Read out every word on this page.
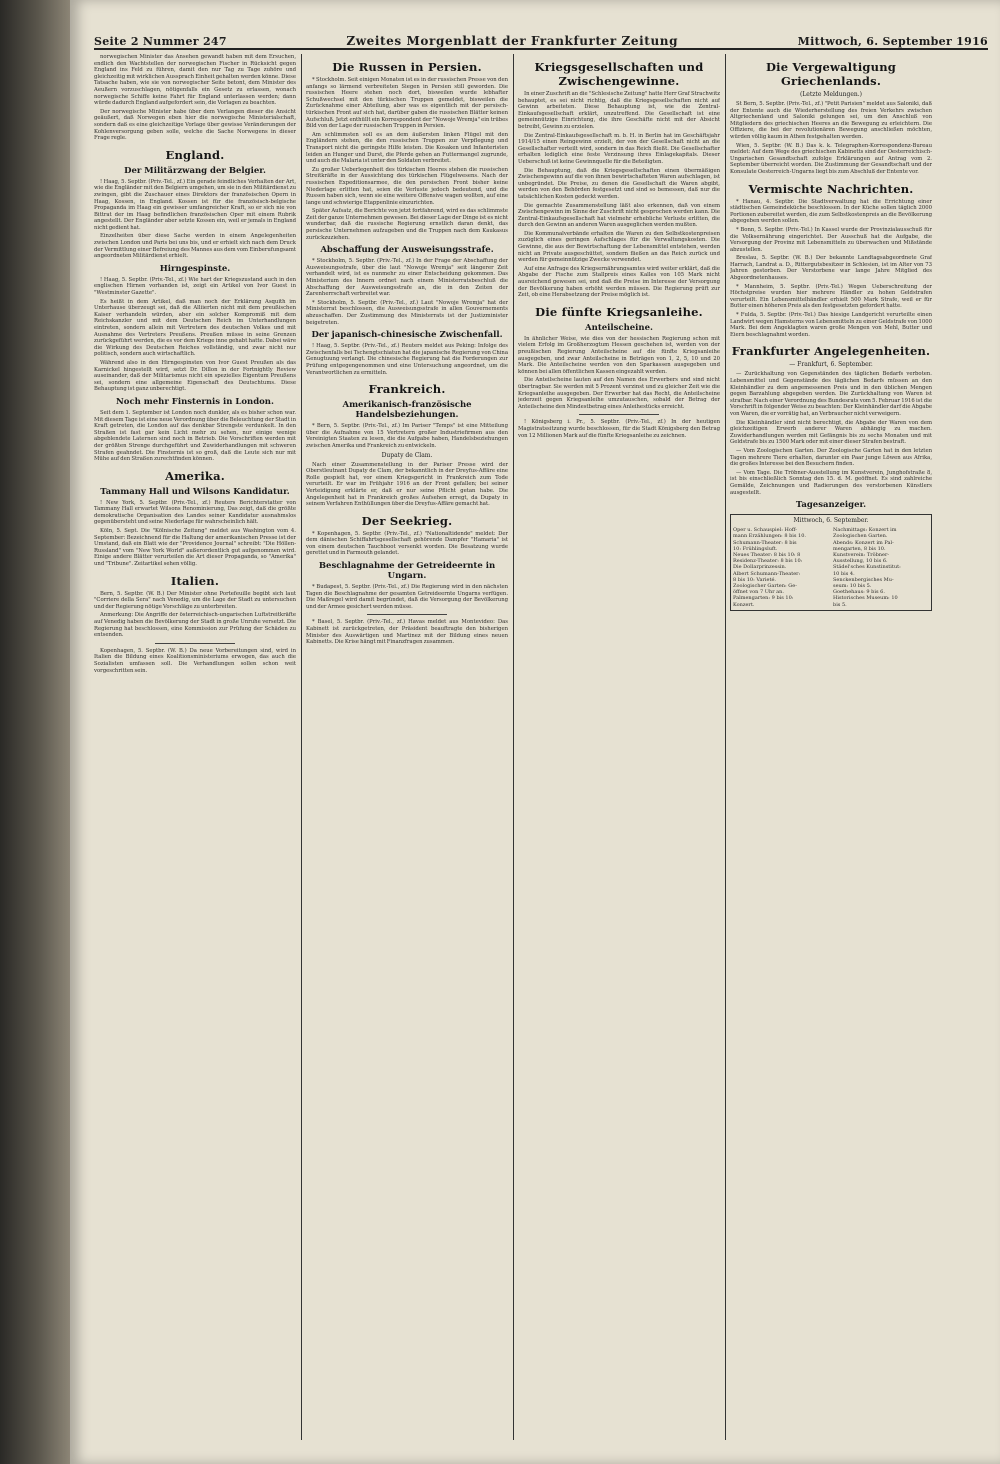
Seite 2 Nummer 247	Zweites Morgenblatt der Frankfurter Zeitung	Mittwoch, 6. September 1916

norwegischen Minister das Ansehen gewandt haben mit dem Ersuchen, endlich den Wachtstellen der norwegischen Fischer in Rücksicht gegen England ins Feld zu führen, damit den nur Tag zu Tage zuhöre und gleichzeitig mit wirklichen Aussprach Einheit gehalten werden könne. Diese Tatsache haben, wie sie von norwegischer Seite betont, dem Minister des Aeußern vorzuschlagen, nötigenfalls ein Gesetz zu erlassen, wonach norwegische Schiffe keine Fahrt für England unterlassen werden; dann würde dadurch England aufgefordert sein, die Vorlagen zu beachten.

Der norwegische Minister habe über dem Verlangen dieser die Ansicht geäußert, daß Norwegen eben hier die norwegische Ministerialschaft, sondern daß es eine gleichzeitige Vorlage über gewisse Veränderungen der Kohlenversorgung geben solle, welche die Sache Norwegens in dieser Frage regle.

England.
Der Militärzwang der Belgier.

! Haag, 5. Septbr. (Priv.-Tel., zf.) Ein gerade feindliches Verhalten der Art, wie die Engländer mit den Belgiern umgehen, um sie in den Militärdienst zu zwingen, gibt die Zuschauer eines Direktors der französischen Opern in Haag, Kossen, in England. Kossen ist für die französisch-belgische Propaganda im Haag ein gewisser umfangreicher Kraft, so er sich nie von Bittrat der im Haag befindlichen französischen Oper mit einem Rubrik angestellt. Der Engländer aber setzte Kossen ein, weil er jemals in England nicht gedient hat.

Einzelheiten über diese Sache werden in einem Angelegenheiten zwischen London und Paris bei uns bis, und er erhielt sich nach dem Druck der Vermittlung einer Befreiung des Mannes aus dem vom Einberufungsamt angeordneten Militärdienst erhielt.

Hirngespinste.

! Haag, 5. Septbr. (Priv.-Tel., zf.) Wie hart der Kriegszustand auch in den englischen Hirnen vorhanden ist, zeigt ein Artikel von Ivor Guest in "Westminster Gazette".

Es heißt in dem Artikel, daß man noch der Erklärung Asquith im Unterhause überzeugt sei, daß die Alliierten nicht mit dem preußischen Kaiser verhandeln würden, aber ein solcher Kompromiß mit dem Reichskanzler und mit dem Deutschen Reich im Unterhandlungen eintreten, sondern allein mit Vertretern des deutschen Volkes und mit Ausnahme des Vertreters Preußens. Preußen müsse in seine Grenzen zurückgeführt werden, die es vor dem Kriege inne gehabt hatte. Dabei wäre die Wirkung des Deutschen Reiches vollständig, und zwar nicht nur politisch, sondern auch wirtschaftlich.

Während also in den Hirngespinsten von Ivor Guest Preußen als das Karnickel hingestellt wird, setzt Dr. Dillon in der Fortnightly Review auseinander, daß der Militarismus nicht ein spezielles Eigentum Preußens sei, sondern eine allgemeine Eigenschaft des Deutschtums. Diese Behauptung ist ganz unberechtigt.

Noch mehr Finsternis in London.

Seit dem 1. September ist London noch dunkler, als es bisher schon war. Mit diesem Tage ist eine neue Verordnung über die Beleuchtung der Stadt in Kraft getreten, die London auf das denkbar Strengste verdunkelt. In den Straßen ist fast gar kein Licht mehr zu sehen, nur einige wenige abgeblendete Laternen sind noch in Betrieb. Die Vorschriften werden mit der größten Strenge durchgeführt und Zuwiderhandlungen mit schweren Strafen geahndet. Die Finsternis ist so groß, daß die Leute sich nur mit Mühe auf den Straßen zurechtfinden können.

Amerika.
Tammany Hall und Wilsons Kandidatur.

! New York, 5. Septbr. (Priv.-Tel., zf.) Reuters Berichterstatter von Tammany Hall erwartet Wilsons Renominierung, Das zeigt, daß die größte demokratische Organisation des Landes seiner Kandidatur ausnahmslos gegenübersteht und seine Niederlage für wahrscheinlich hält.

Köln, 5. Sept. Die "Kölnische Zeitung" meldet aus Washington vom 4. September: Bezeichnend für die Haltung der amerikanischen Presse ist der Umstand, daß ein Blatt wie der "Providence Journal" schreibt: "Die Höllen-Russland" vom "New York World" außerordentlich gut aufgenommen wird. Einige andere Blätter verurteilen die Art dieser Propaganda, so "Amerika" und "Tribune". Zeitartikel sehen völlig.

Italien.

Bern, 5. Septbr. (W. B.) Der Minister ohne Portefeuille begibt sich laut "Corriere della Sera" nach Venedig, um die Lage der Stadt zu untersuchen und der Regierung nötige Vorschläge zu unterbreiten.

Anmerkung: Die Angriffe der österreichisch-ungarischen Luftstreitkräfte auf Venedig haben die Bevölkerung der Stadt in große Unruhe versetzt. Die Regierung hat beschlossen, eine Kommission zur Prüfung der Schäden zu entsenden.

Kopenhagen, 5. Septbr. (W. B.) Da neue Vorbereitungen sind, wird in Italien die Bildung eines Koalitionsministeriums erwogen, das auch die Sozialisten umfassen soll. Die Verhandlungen sollen schon weit vorgeschritten sein.

Die Russen in Persien.

* Stockholm. Seit einigen Monaten ist es in der russischen Presse von den anfangs so lärmend verbreiteten Siegen in Persien still geworden. Die russischen Heere stehen noch dort, bisweilen wurde lebhafter Schußwechsel mit den türkischen Truppen gemeldet, bisweilen die Zurücknahme einer Abteilung, aber was es eigentlich mit der persisch-türkischen Front auf sich hat, darüber gaben die russischen Blätter keinen Aufschluß. Jetzt enthüllt ein Korrespondent der "Nowoje Wremja" ein trübes Bild von der Lage der russischen Truppen in Persien.

Am schlimmsten soll es an dem äußersten linken Flügel mit den Engländern stehen, die den russischen Truppen zur Verpflegung und Transport nicht die geringste Hilfe leisten. Die Kosaken und Infanteristen leiden an Hunger und Durst, die Pferde gehen an Futtermangel zugrunde, und auch die Malaria ist unter den Soldaten verbreitet.

Zu großer Ueberlegenheit des türkischen Heeres stehen die russischen Streitkräfte in der Aussichtung des türkischen Flügelwesens. Nach der russischen Expeditionsarmee, die den persischen Front bisher keine Niederlage erlitten hat, seien die Verluste jedoch bedeutend, und die Russen haben sich, wenn sie eine weitere Offensive wagen wollten, auf eine lange und schwierige Etappenlinie einzurichten.

Später Aufsatz, die Berichte von jetzt fortfahrend, wird es das schlimmste Zeit der ganze Unternehmen gewesen. Bei dieser Lage der Dinge ist es nicht wunderbar, daß die russische Regierung ernstlich daran denkt, das persische Unternehmen aufzugeben und die Truppen nach dem Kaukasus zurückzuziehen.

Abschaffung der Ausweisungsstrafe.

* Stockholm, 5. Septbr. (Priv.-Tel., zf.) In der Frage der Abschaffung der Ausweisungsstrafe, über die laut "Nowoje Wremja" seit längerer Zeit verhandelt wird, ist es nunmehr zu einer Entscheidung gekommen. Das Ministerium des Innern ordnet nach einem Ministerratsbeschluß die Abschaffung der Ausweisungsstrafe an, die in den Zeiten der Zarenherrschaft verbreitet war.

* Stockholm, 5. Septbr. (Priv.-Tel., zf.) Laut "Nowoje Wremja" hat der Ministerrat beschlossen, die Ausweisungsstrafe in allen Gouvernements abzuschaffen. Der Zustimmung des Ministerrats ist der Justizminister beigetreten.

Der japanisch-chinesische Zwischenfall.

! Haag, 5. Septbr. (Priv.-Tel., zf.) Reuters meldet aus Peking: Infolge des Zwischenfalls bei Tschengtschiatun hat die japanische Regierung von China Genugtuung verlangt. Die chinesische Regierung hat die Forderungen zur Prüfung entgegengenommen und eine Untersuchung angeordnet, um die Verantwortlichen zu ermitteln.

Frankreich.
Amerikanisch-französische Handelsbeziehungen.

* Bern, 5. Septbr. (Priv.-Tel., zf.) Im Pariser "Temps" ist eine Mitteilung über die Aufnahme von 15 Vertretern großer Industriefirmen aus den Vereinigten Staaten zu lesen, die die Aufgabe haben, Handelsbeziehungen zwischen Amerika und Frankreich zu entwickeln.

Dupaty de Clam.

Nach einer Zusammenstellung in der Pariser Presse wird der Oberstleutnant Dupaty de Clam, der bekanntlich in der Dreyfus-Affäre eine Rolle gespielt hat, vor einem Kriegsgericht in Frankreich zum Tode verurteilt. Er war im Frühjahr 1916 an der Front gefallen; bei seiner Verteidigung erklärte er, daß er nur seine Pflicht getan habe. Die Angelegenheit hat in Frankreich großes Aufsehen erregt, da Dupaty in seinem Verfahren Enthüllungen über die Dreyfus-Affäre gemacht hat.

Der Seekrieg.

* Kopenhagen, 5. Septbr. (Priv.-Tel., zf.) "Nationaltidende" meldet: Der dem dänischen Schiffahrtsgesellschaft gehörende Dampfer "Hamaria" ist von einem deutschen Tauchboot versenkt worden. Die Besatzung wurde gerettet und in Farmouth gelandet.

Beschlagnahme der Getreideernte in Ungarn.

* Budapest, 5. Septbr. (Priv.-Tel., zf.) Die Regierung wird in den nächsten Tagen die Beschlagnahme der gesamten Getreideernte Ungarns verfügen. Die Maßregel wird damit begründet, daß die Versorgung der Bevölkerung und der Armee gesichert werden müsse.

* Basel, 5. Septbr. (Priv.-Tel., zf.) Havas meldet aus Montevideo: Das Kabinett ist zurückgetreten, der Präsident beauftragte den bisherigen Minister des Auswärtigen und Martinez mit der Bildung eines neuen Kabinetts. Die Krise hängt mit Finanzfragen zusammen.

Kriegsgesellschaften und Zwischengewinne.

In einer Zuschrift an die "Schlesische Zeitung" hatte Herr Graf Strachwitz behauptet, es sei nicht richtig, daß die Kriegsgesellschaften nicht auf Gewinn arbeiteten. Diese Behauptung ist, wie die Zentral-Einkaufsgesellschaft erklärt, unzutreffend. Die Gesellschaft ist eine gemeinnützige Einrichtung, die ihre Geschäfte nicht mit der Absicht betreibt, Gewinn zu erzielen.

Die Zentral-Einkaufsgesellschaft m. b. H. in Berlin hat im Geschäftsjahr 1914/15 einen Reingewinn erzielt, der von der Gesellschaft nicht an die Gesellschafter verteilt wird, sondern in das Reich fließt. Die Gesellschafter erhalten lediglich eine feste Verzinsung ihres Einlagekapitals. Dieser Ueberschuß ist keine Gewinnquelle für die Beteiligten.

Die Behauptung, daß die Kriegsgesellschaften einen übermäßigen Zwischengewinn auf die von ihnen bewirtschafteten Waren aufschlagen, ist unbegründet. Die Preise, zu denen die Gesellschaft die Waren abgibt, werden von den Behörden festgesetzt und sind so bemessen, daß nur die tatsächlichen Kosten gedeckt werden.

Die gemachte Zusammenstellung läßt also erkennen, daß von einem Zwischengewinn im Sinne der Zuschrift nicht gesprochen werden kann. Die Zentral-Einkaufsgesellschaft hat vielmehr erhebliche Verluste erlitten, die durch den Gewinn an anderen Waren ausgeglichen werden mußten.

Die Kommunalverbände erhalten die Waren zu den Selbstkostenpreisen zuzüglich eines geringen Aufschlages für die Verwaltungskosten. Die Gewinne, die aus der Bewirtschaftung der Lebensmittel entstehen, werden nicht an Private ausgeschüttet, sondern fließen an das Reich zurück und werden für gemeinnützige Zwecke verwendet.

Auf eine Anfrage des Kriegsernährungsamtes wird weiter erklärt, daß die Abgabe der Fische zum Stallpreis eines Kalles von 105 Mark nicht ausreichend gewesen sei, und daß die Preise im Interesse der Versorgung der Bevölkerung haben erhöht werden müssen. Die Regierung prüft zur Zeit, ob eine Herabsetzung der Preise möglich ist.

Die fünfte Kriegsanleihe.
Anteilscheine.

In ähnlicher Weise, wie dies von der hessischen Regierung schon mit vielem Erfolg im Großherzogtum Hessen geschehen ist, werden von der preußischen Regierung Anteilscheine auf die fünfte Kriegsanleihe ausgegeben, und zwar Anteilscheine in Beträgen von 1, 2, 5, 10 und 20 Mark. Die Anteilscheine werden von den Sparkassen ausgegeben und können bei allen öffentlichen Kassen eingezahlt werden.

Die Anteilscheine lauten auf den Namen des Erwerbers und sind nicht übertragbar. Sie werden mit 5 Prozent verzinst und zu gleicher Zeit wie die Kriegsanleihe ausgegeben. Der Erwerber hat das Recht, die Anteilscheine jederzeit gegen Kriegsanleihe umzutauschen, sobald der Betrag der Anteilscheine den Mindestbetrag eines Anleihestücks erreicht.

! Königsberg i. Pr., 5. Septbr. (Priv.-Tel., zf.) In der heutigen Magistratssitzung wurde beschlossen, für die Stadt Königsberg den Betrag von 12 Millionen Mark auf die fünfte Kriegsanleihe zu zeichnen.

Die Vergewaltigung Griechenlands.
(Letzte Meldungen.)

St Bern, 5. Septbr. (Priv.-Tel., zf.) "Petit Parisien" meldet aus Saloniki, daß der Entente auch die Wiederherstellung des freien Verkehrs zwischen Altgriechenland und Saloniki gelungen sei, um den Anschluß von Mitgliedern des griechischen Heeres an die Bewegung zu erleichtern. Die Offiziere, die bei der revolutionären Bewegung anschließen möchten, würden völlig kaum in Athen festgehalten werden.

Wien, 5. Septbr. (W. B.) Das k. k. Telegraphen-Korrespondenz-Bureau meldet: Auf dem Wege des griechischen Kabinetts sind der Oesterreichisch-Ungarischen Gesandtschaft zufolge Erklärungen auf Antrag vom 2. September überreicht worden. Die Zustimmung der Gesandtschaft und der Konsulate Oesterreich-Ungarns liegt bis zum Abschluß der Entente vor.

Vermischte Nachrichten.

* Hanau, 4. Septbr. Die Stadtverwaltung hat die Errichtung einer städtischen Gemeindeküche beschlossen. In der Küche sollen täglich 2000 Portionen zubereitet werden, die zum Selbstkostenpreis an die Bevölkerung abgegeben werden sollen.

* Bonn, 5. Septbr. (Priv.-Tel.) In Kassel wurde der Provinzialausschuß für die Volksernährung eingerichtet. Der Ausschuß hat die Aufgabe, die Versorgung der Provinz mit Lebensmitteln zu überwachen und Mißstände abzustellen.

Breslau, 5. Septbr. (W. B.) Der bekannte Landtagsabgeordnete Graf Harrach, Landrat a. D., Rittergutsbesitzer in Schlesien, ist im Alter von 73 Jahren gestorben. Der Verstorbene war lange Jahre Mitglied des Abgeordnetenhauses.

* Mannheim, 5. Septbr. (Priv.-Tel.) Wegen Ueberschreitung der Höchstpreise wurden hier mehrere Händler zu hohen Geldstrafen verurteilt. Ein Lebensmittelhändler erhielt 500 Mark Strafe, weil er für Butter einen höheren Preis als den festgesetzten gefordert hatte.

* Fulda, 5. Septbr. (Priv.-Tel.) Das hiesige Landgericht verurteilte einen Landwirt wegen Hamsterns von Lebensmitteln zu einer Geldstrafe von 1000 Mark. Bei dem Angeklagten waren große Mengen von Mehl, Butter und Eiern beschlagnahmt worden.

Frankfurter Angelegenheiten.
— Frankfurt, 6. September.

— Zurückhaltung von Gegenständen des täglichen Bedarfs verboten. Lebensmittel und Gegenstände des täglichen Bedarfs müssen an den Kleinhändler zu dem angemessenen Preis und in den üblichen Mengen gegen Barzahlung abgegeben werden. Die Zurückhaltung von Waren ist strafbar. Nach einer Verordnung des Bundesrats vom 5. Februar 1916 ist die Vorschrift in folgender Weise zu beachten: Der Kleinhändler darf die Abgabe von Waren, die er vorrätig hat, an Verbraucher nicht verweigern.

Die Kleinhändler sind nicht berechtigt, die Abgabe der Waren von dem gleichzeitigen Erwerb anderer Waren abhängig zu machen. Zuwiderhandlungen werden mit Gefängnis bis zu sechs Monaten und mit Geldstrafe bis zu 1500 Mark oder mit einer dieser Strafen bestraft.

— Vom Zoologischen Garten. Der Zoologische Garten hat in den letzten Tagen mehrere Tiere erhalten, darunter ein Paar junge Löwen aus Afrika, die großes Interesse bei den Besuchern finden.

— Vom Tage. Die Tröbner-Ausstellung im Kunstverein, Junghofstraße 8, ist bis einschließlich Sonntag den 15. d. M. geöffnet. Es sind zahlreiche Gemälde, Zeichnungen und Radierungen des verstorbenen Künstlers ausgestellt.

Tagesanzeiger.
Mittwoch, 6. September.
Oper u. Schauspiel: Hoff-
mann Erzählungen: 8 bis 10.
Schumann-Theater: 8 bis
10: Frühlingsluft.
Neues Theater: 8 bis 10: 8
Residenz-Theater: 8 bis 10:
Die Dollarprinzessin.
Albert Schumann-Theater:
8 bis 10: Varieté.
Zoologischer Garten: Ge-
öffnet von 7 Uhr an.
Palmengarten: 9 bis 10:
Konzert.
Nachmittags: Konzert im
Zoologischen Garten.
Abends: Konzert im Pal-
mengarten, 8 bis 10.
Kunstverein: Tröbner-
Ausstellung, 10 bis 6.
Städel'sches Kunstinstitut:
10 bis 4.
Senckenbergisches Mu-
seum: 10 bis 5.
Goethehaus: 9 bis 6.
Historisches Museum: 10
bis 5.
